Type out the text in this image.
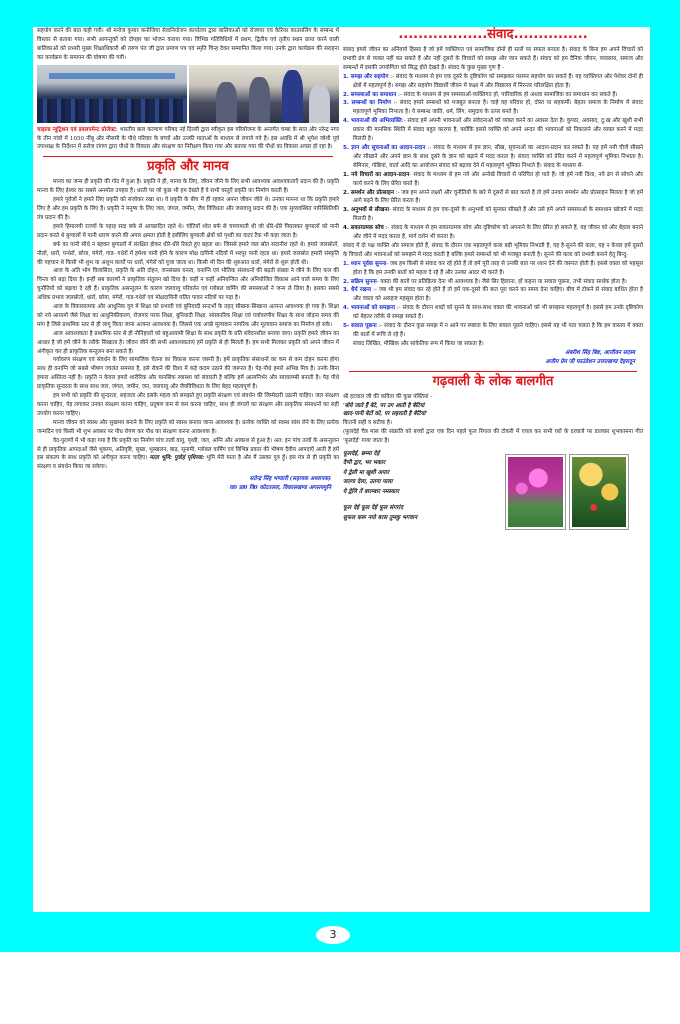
सहयोग करने की बात कही गयी। श्री मनोज कुमार कनौजिया सेवानियोजन कार्यालय द्वारा बालिकाओं को रोजगार एवं कैरियर काउंसलिंग के सम्बन्ध में विस्तार से बताया गया। सभी आगन्तुकों को दोपहर का भोजन कराया गया। विभिन्न गतिविधियों में प्रथम, द्वितीय एवं तृतीय स्थान प्राप्त करने वाली बालिकाओं को प्रभारी मुख्य शिक्षाधिकारी श्री तरुण पंत जी द्वारा प्रमाण पत्र एवं स्मृति चिन्ह देकर सम्मानित किया गया। उनके द्वारा कार्यक्रम की सराहना कर कार्यक्रम के समापन की घोषणा की गयी।

चाइल्ड न्यूट्रिशन एवं डवलपमेन्ट प्रोजेक्ट: भारतीय बाल कल्याण परिषद नई दिल्ली द्वारा स्वीकृत इस परियोजना के अन्तर्गत चम्बा के सात और नरेन्द्र नगर के तीन गांवों में 1050 नींबू और मौसमी के पौधे परिवार के बच्चों और उनकी माताओं के माध्यम से लगाये गये हैं। इस अवधि में श्री भूपेश जोशी पूर्व उपाध्यक्ष के निर्देशन में सरोज रांगण द्वारा पौधों के विकास और संरक्षण का निरीक्षण किया गया और बताया गया की पौधों का विकास अच्छा हो रहा है।

प्रकृति और मानव

मानव का जन्म ही प्रकृति की गोद में हुआ है। प्रकृति ने ही, मानव के लिए, जीवन जीने के लिए सभी आवश्यक आवश्यकताएँ प्रदान की है। प्रकृति मानव के लिए ईश्वर का सबसे अनमोल उपहार है। धरती पर जो कुछ भी हम देखते हैं वे सभी वस्तुएँ प्रकृति का निर्माण करती हैं।

हमारे पूर्वजों ने हमारे लिए प्रकृति को संजोकर रखा था। वे प्रकृति के बीच में ही रहकर अपना जीवन जीते थे। उनका मानना था कि प्रकृति हमारे लिए है और हम प्रकृति के लिए हैं। प्रकृति ने मनुष्य के लिए जल, जंगल, जमीन, जैव विविधता और जलवायु प्रदान की है। एक सुव्यवस्थित पारिस्थितिकी तंत्र प्रदान की है।

हमारे हिमालयी राज्यों के पहाड़ सदा बर्फ से आच्छादित रहते थे। चोटियाँ श्वेत बर्फ से चमचमाती थी जो धीरे-धीरे पिघलकर बुग्यालों को पानी प्रदान करते थे बुग्यालों में पानी धारण करने की अपार क्षमता होती है इसीलिए बुग्याली क्षेत्रों को पृथ्वी का वाटर टैंक भी कहा जाता है।

बर्फ का पानी सीधे न बहकर बुग्यालों में संरक्षित होकर धीरे-धीरे रिसते हुए बहता था। जिससे हमारे जल स्रोत सदानीरा रहते थे। हमारे जलस्रोतों, नौलों, धारों, पन्धेरों, छोया, मंगेरों, गाड- गधेरों में हमेशा पानी होने के कारण मोक्ष दायिनी नदियों में भरपूर पानी रहता था। हमारे जलस्रोत हमारी संस्कृति की पहचान थे किसी भी शुभ या अशुभ कार्यों पर धारों, मंगेरों को पूजा जाता था। किसी भी दिन की शुरुआत धारों, मंगेरों से शुरू होती थी।

आज के अति भोग विलासिता, प्रकृति के अति दोहन, जनसंख्या घनत्व, वनाग्नि एवं भौतिक संसाधनों की बढ़ती संख्या ने जीने के लिए कल की चिन्ता को बढ़ा दिया है। इन्हीं सब कारणों ने प्राकृतिक संतुलन खो दिया है। कहीं न कहीं अनियन्त्रित और अनियोजित विकास आने वाले समय के लिए चुनौतियों को बढ़ावा दे रही हैं। प्राकृतिक असन्तुलन के कारण जलवायु परिवर्तन एवं ग्लोबल वार्मिंग की समस्याओं ने जन्म ले लिया है। इसका सबसे अधिक प्रभाव जलस्रोतों, धारों, छोया, मंगेरों, गाड-गधेरों एवं मोक्षदायिनी पतित पावन नदियों पर पड़ा है।

आज के विकासात्मक और आधुनिक युग में शिक्षा को प्रभावी एवं बुनियादी सन्दर्भों के तहत् सीखना-सिखाना अत्यन्त आवश्यक हो गया है। शिक्षा को नये आयामों जैसे शिक्षा का आधुनिकीकरण, रोजगार परक शिक्षा, बुनियादी शिक्षा, सांस्कारिक शिक्षा एवं पर्यावरणीय शिक्षा के साथ जोड़ना समय की मांग है जिसे प्राथमिक स्तर से ही लागू किया जाना अत्यन्त आवश्यक है। जिससे एक अच्छे मूल्यवान नागरिक और मूल्यवान समाज का निर्माण हो सके।

आज आवश्यकता है प्राथमिक स्तर से ही नौनिहालों को बहुआयामी शिक्षा के साथ प्रकृति के प्रति संवेदनशील बनाया जाए। प्रकृति हमारे जीवन का आधार है जो हमें जीने के तरीके सिखाता है। जीवन जीने की सभी आवश्यकताएं हमें प्रकृति से ही मिलती हैं। हम सभी मिलकर प्रकृति को अपने जीवन में अंगीकृत कर ही प्राकृतिक सन्तुलन बना सकते हैं।

पर्यावरण संरक्षण एवं संवर्धन के लिए सामाजिक चेतना का विकास करना जरूरी है। हमें प्राकृतिक संसाधनों का कम से कम दोहन करना होगा साथ ही वनाग्नि जो सबसे भीषण ज्वलंत समस्या है, इसे रोकने की दिशा में कड़े कदम उठाने की जरूरत है। पेड़-पौधे हमारे अभिन्न मित्र हैं। उनके बिना हमारा अस्तित्व नहीं है। प्रकृति न केवल हमारे शारीरिक और मानसिक स्वास्थ्य को संवारती है बल्कि हमें आत्मनिर्भर और स्वावलम्बी बनाती है। पेड़ पौधे प्राकृतिक सुन्दरता के साथ साथ जल, जंगल, जमीन, जन, जलवायु और जैवविविधता के लिए बेहद महत्वपूर्ण हैं।

हम सभी को प्रकृति की सुन्दरता, सहजता और इसके महत्व को समझते हुए प्रकृति संरक्षण एवं संवर्धन की जिम्मेदारी उठानी चाहिए। जल संरक्षण करना चाहिए, पेड़ लगाकर उनका संरक्षण करना चाहिए, प्रदूषण कम से कम करना चाहिए, साथ ही जंगलों का संरक्षण और प्राकृतिक संसाधनों का सही उपयोग करना चाहिए।

मानव जीवन को स्वस्थ और सुखमय बनाने के लिए प्रकृति को स्वस्थ बनाया जाना आवश्यक है। प्रत्येक व्यक्ति को स्वस्थ सांस लेने के लिए प्रत्येक जन्मदिन एवं किसी भी शुभ अवसर पर पौध रोपण कर पौध का संरक्षण करना आवश्यक है।

वेद-पुराणों में भी कहा गया है कि प्रकृति का निर्माण पांच तत्वों वायु, पृथ्वी, जल, अग्नि और आकाश से हुआ है। अत: इन पांच तत्वों के असन्तुलन से ही प्राकृतिक आपदाओं जैसे भूकम्प, अतिवृष्टि, सूखा, भूस्खलन, बाढ़, सूनामी, ग्लोबल वार्मिंग एवं विभिन्न प्रकार की भीषण दैवीय आपदाएँ आती हैं हमें इस संकल्प के साथ प्रकृति को अंगीकृत करना चाहिए। माता भूमि: पुत्रोहं पृथिव्या: भूमि मेरी माता है और मैं उसका पुत्र हूँ। इस मंत्र से ही प्रकृति का संरक्षण व संवर्धन किया जा सकेगा।

सतेन्द्र सिंह भण्डारी (सहायक अध्यापक)

रा0 प्रा0 वि0 कोटतल्ला, विकासखण्ड अगस्त्यमुनि

..................संवाद...............

संवाद हमारे जीवन का अनिवार्य हिस्सा है जो हमें व्यक्तिगत एवं सामाजिक दोनों ही स्तरों पर सफल बनाता है। संवाद के बिना हम अपने विचारों को प्रभावी ढंग से व्यक्त नहीं कर सकते हैं और नहीं दूसरों के विचारों को समझ और जान सकते हैं। संवाद को हम दैनिक जीवन, व्यवसाय, समाज और सम्बन्धों में इसकी उपयोगिता को सिद्ध होते देखते हैं। संवाद के कुछ मुख्य गुण हैं -

1. समझ और सहयोग :- संवाद के माध्यम से हम एक दूसरे के दृष्टिकोण को समझकर परस्पर सहयोग कर सकते हैं। यह व्यक्तिगत और पेशेवर दोनों ही क्षेत्रों में महत्वपूर्ण है। समझ और सहयोग विद्यार्थी जीवन में कक्षा में और विद्यालय में निरन्तर परिलक्षित होता है।

2. समस्याओं का समाधान :- संवाद के माध्यम से हम समस्याओं-व्यक्तिगत हो, पारिवारिक हो अथवा सामाजिक का समाधान कर सकते हैं।

3. सम्बन्धों का निर्माण :- संवाद हमारे सम्बन्धों को मजबूत बनाता है। चाहे वह परिवार हो, दोस्त या सहकर्मी। बेहतर समाज के निर्माण में संवाद महत्वपूर्ण भूमिका निभाता है। ये सम्बन्ध जाति, धर्म, लिंग, समुदाय के ऊपर बनते हैं।

4. भावनाओं की अभिव्यक्ति:- संवाद हमें अपनी भावनाओं और संवेदनाओं को व्यक्त करने का अवसर देता है। कुण्ठा, अवसाद, दु:ख और खुशी सभी प्रकार की मानसिक स्थिति में संवाद बहुत कारगर है, क्योंकि इससे व्यक्ति को अपने अन्दर की भावनाओं को निकालने और व्यक्त करने में मदद मिलती है।

5. ज्ञान और सूचनाओं का आदान-प्रदान :- संवाद के माध्यम से हम ज्ञान, सीख, सूचनाओं का आदान-प्रदान कर सकते हैं। यह हमें नयी चीजें सीखने और सीखाने और अपने ज्ञान के साथ दूसरे के ज्ञान को बढ़ाने में मदद करता है। संवाद व्यक्ति को प्रेरित करने में महत्वपूर्ण भूमिका निभाता है। सेमिनार, गोष्ठियां, वार्ता आदि का आयोजन संवाद को बढ़ावा देने में महत्वपूर्ण भूमिका निभाते हैं। संवाद के माध्यम से-

1. नये विचारों का आदान-प्रदान- संवाद के माध्यम से हम नये और अनोखे विचारों से परिचित हो पाते हैं। जो हमें नयी दिशा, नये ढंग से सोचने और कार्य करने के लिए प्रेरित करते हैं।

2. समर्थन और प्रोत्साहन :- जब हम अपने लक्ष्यों और चुनौतियों के बारे में दूसरों से बात करते हैं तो हमें उनका समर्थन और प्रोत्साहन मिलता है जो हमें आगे बढ़ने के लिए प्रेरित करता है।

3. अनुभवों से सीखना- संवाद के माध्यम से हम एक-दूसरे के अनुभवों को सुनकर सीखते हैं और उसे हमें अपने समस्याओं के समाधान खोजने में मदद मिलती है।

4. सकारात्मक सोच :- संवाद के माध्यम से हम सकारात्मक सोच और दृष्टिकोण को अपनाने के लिए प्रेरित हो सकते हैं, यह जीवन को और बेहतर बनाने और जीने में मदद करता है, मार्ग दर्शन भी करता है।

संवाद में दो पक्ष व्यक्ति और समाज होते हैं, संवाद के दौरान एक महत्वपूर्ण कला बड़ी भूमिका निभाती है, वह है-सुनने की कला, यह न केवल हमें दूसरों के विचारों और भावनाओं को समझने में मदद करती है बल्कि हमारे सम्बन्धों को भी मजबूत बनाती है। सुनने की कला को प्रभावी बनाने हेतु बिन्दु-

1. ध्यान पूर्वक सुनना- जब हम किसी से संवाद कर रहे होते हैं तो हमें पूरी तरह से उनकी बात पर ध्यान देने की जरूरत होती हैं। इससे वक्ता को महसूस होता है कि हम उनकी बातों को महत्व दे रहे हैं और उनका आदर भी करते हैं।

2. सक्रिय सुनना- वक्ता की बातों पर प्रतिक्रिया देना भी आवश्यक है। जैसे सिर हिलाना, हाँ कहना या सवाल पूछना, तभी संवाद सार्थक होता है।

3. धैर्य रखना :- जब भी हम संवाद कर रहे होते हैं तो हमें एक-दूसरे की बात पूरा करने का समय देना चाहिए। बीच में टोकने से संवाद बाधित होता है और वक्ता को असहज महसूस होता है।

4. भावनाओं को समझना :- संवाद के दौरान शब्दों को सुनने के साथ-साथ वक्ता की भावनाओं को भी समझना महत्वपूर्ण है। इससे हम उनके दृष्टिकोण को बेहतर तरीके से समझ सकते हैं।

5- सवाल पूछना :- संवाद के दौरान कुछ समझ में न आने पर स्पष्टता के लिए सवाल पूछने चाहिए। इससे यह भी पता चलता है कि हम वास्तव में वक्ता की बातों में रूचि ले रहे हैं।

संवाद लिखित, मौखिक और सांकेतिक रूम में किया जा सकता है।

अंबरीश सिंह बिष्ट, आजीवन सदस्य

अजीम प्रेम जी फाउंडेशन उत्तराखण्ड देहरादून

गढ़वाली के लोक बालगीत

श्री हटवाल जी की कविता की कुछ पंक्तियां -

'बोये जाते हैं बेटे, पर उग आती है बेटियां

खाद-पानी बेटों को, पर लहराती है बेटियां'

कितनी सही व सटीक है।

(फूलदेई चैत्र मास की संक्राति को बच्चों द्वारा एक दिन पहले फूल रिंगाल की टोकरी में एकत्र कर सभी घरों के दरवाजे पर डालकर शुभकामना गीत 'फूलदेई' गाया जाता है)

फूलदेई, छम्मा देई
दैणी द्वार, भर भकार
ये द्वेली मा खुशी अपार
जतगा देला, उतगा पाला
ये द्वेलि तें बारम्बार नमस्कार
फूल देई फूल देई फूल संगरांद
सुफल करू नयो बरस तुमकु भगवान
3
